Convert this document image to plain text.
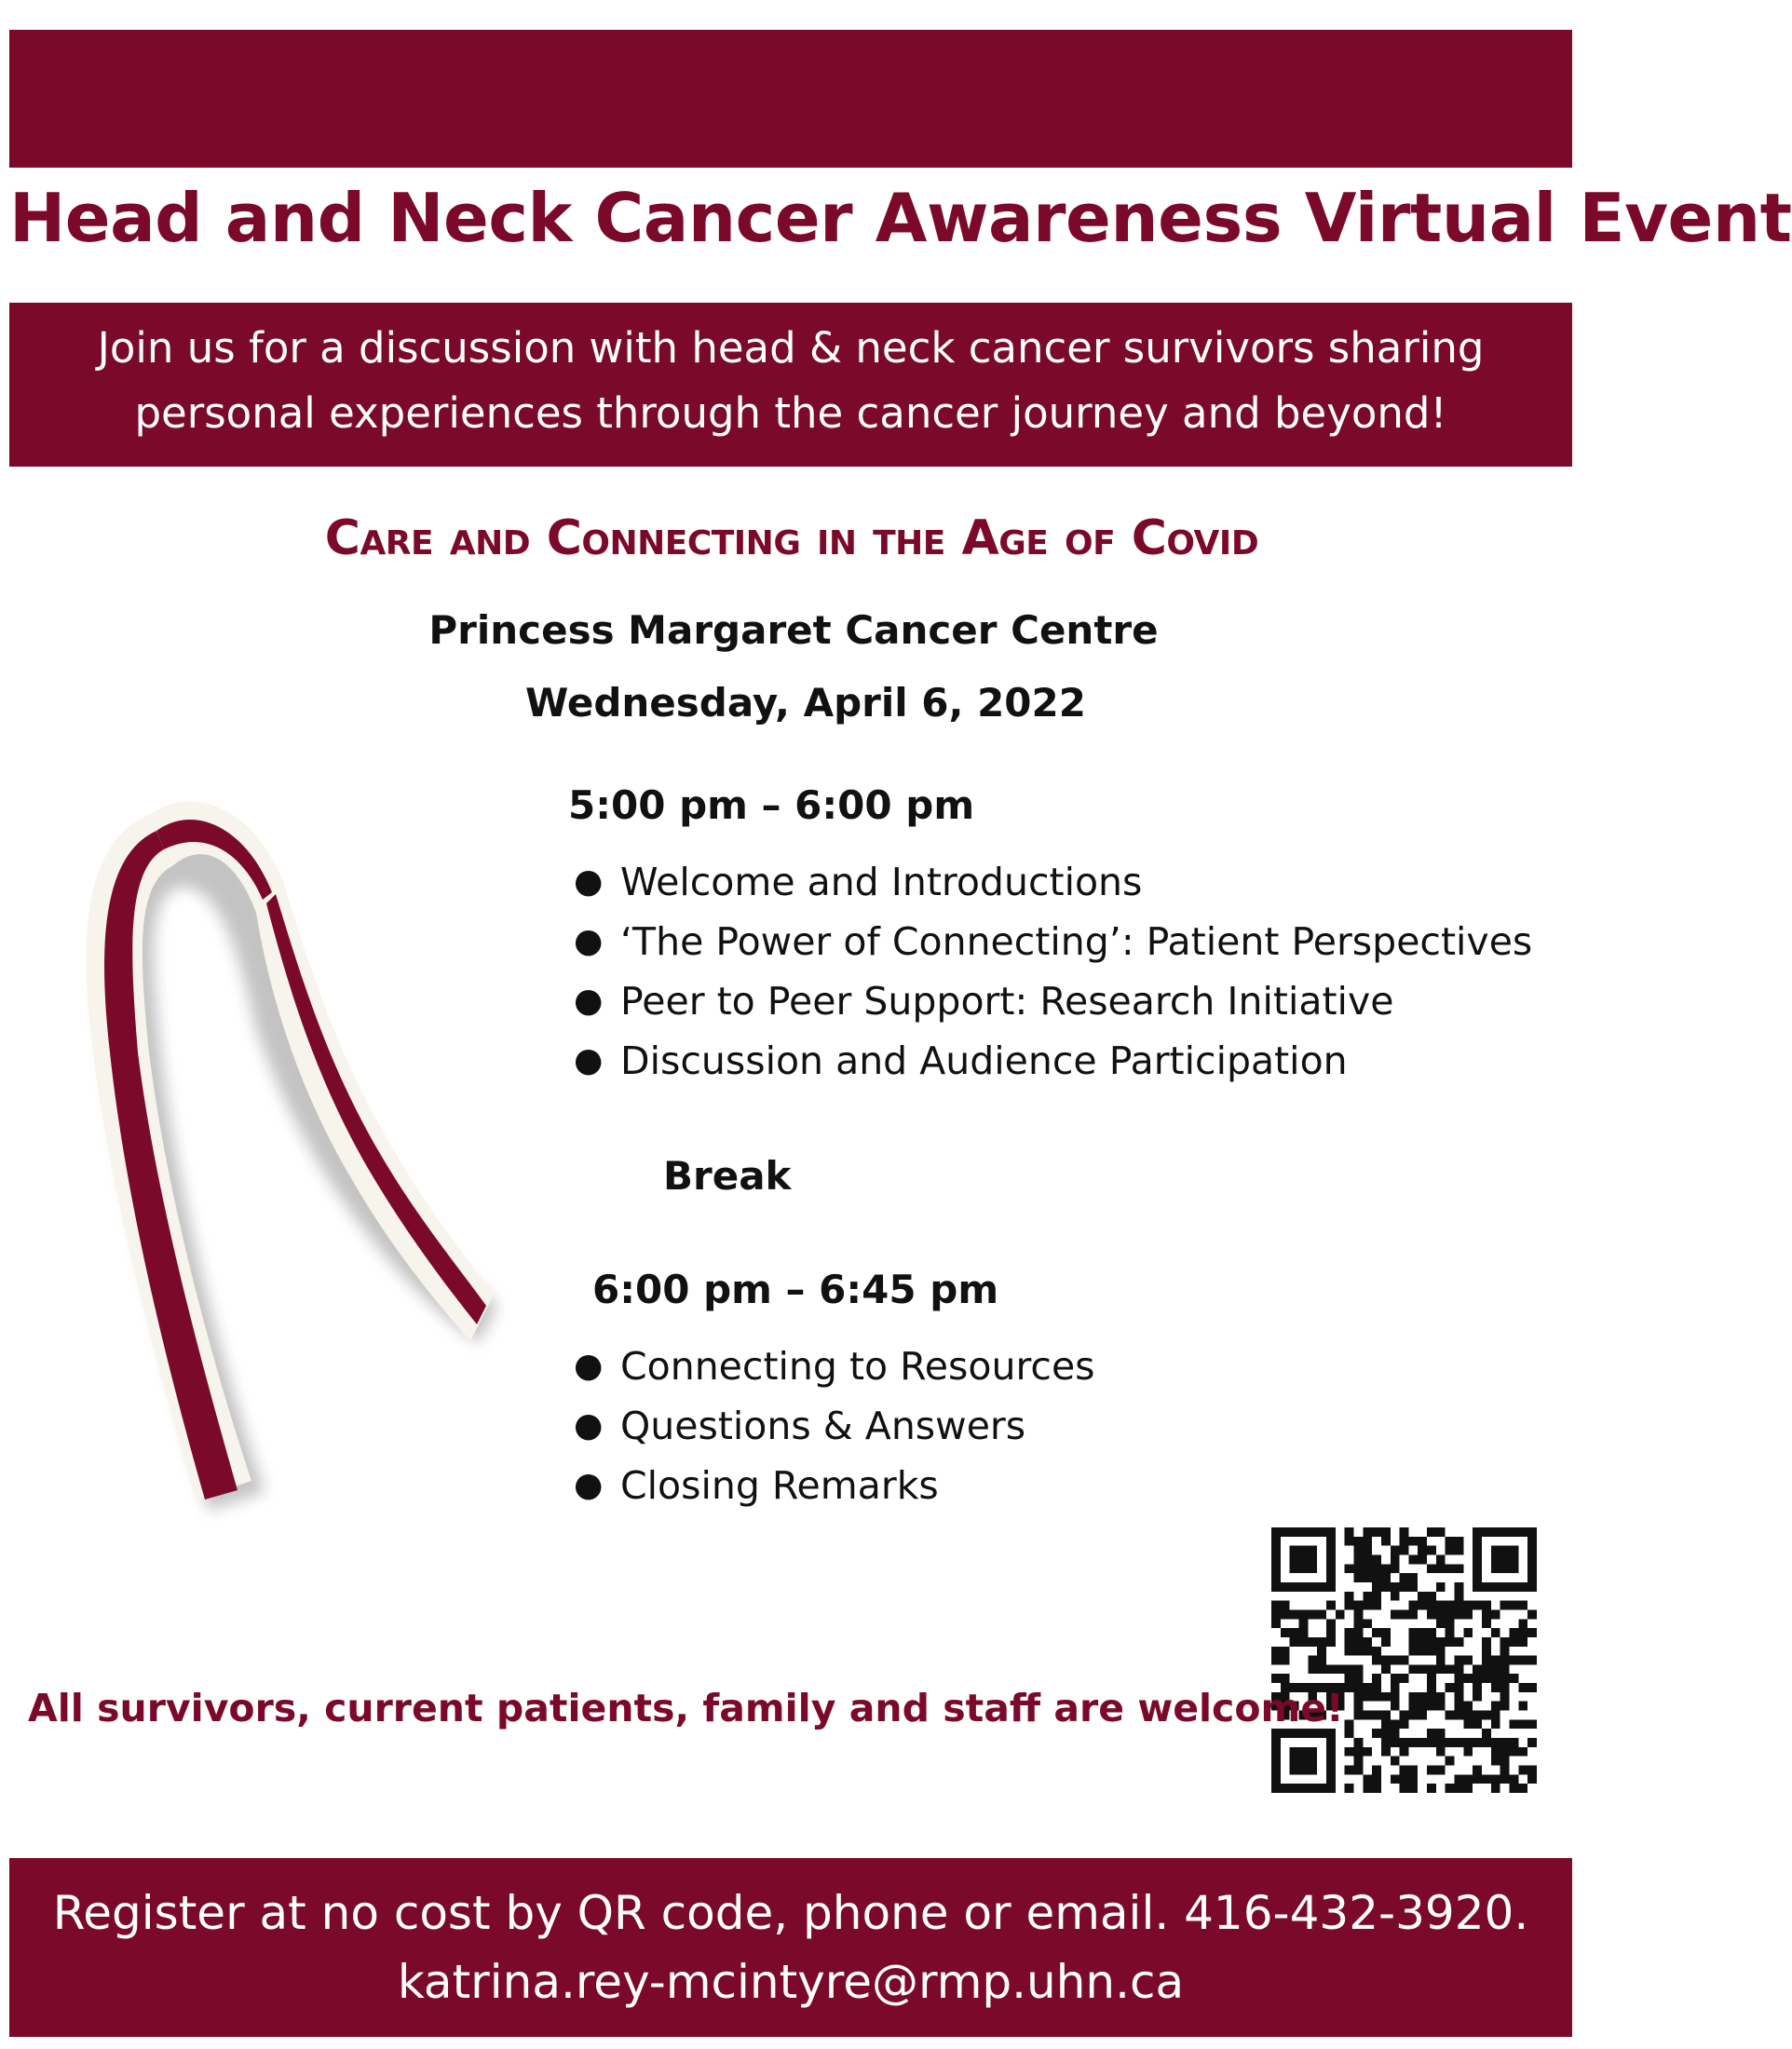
Head and Neck Cancer Awareness Virtual Event
Join us for a discussion with head & neck cancer survivors sharing
personal experiences through the cancer journey and beyond!
Care and Connecting in the Age of Covid
Princess Margaret Cancer Centre
Wednesday, April 6, 2022
5:00 pm – 6:00 pm
● Welcome and Introductions
● ‘The Power of Connecting’: Patient Perspectives
● Peer to Peer Support: Research Initiative
● Discussion and Audience Participation
Break
6:00 pm – 6:45 pm
● Connecting to Resources
● Questions & Answers
● Closing Remarks
All survivors, current patients, family and staff are welcome!
Register at no cost by QR code, phone or email. 416-432-3920.
katrina.rey-mcintyre@rmp.uhn.ca
